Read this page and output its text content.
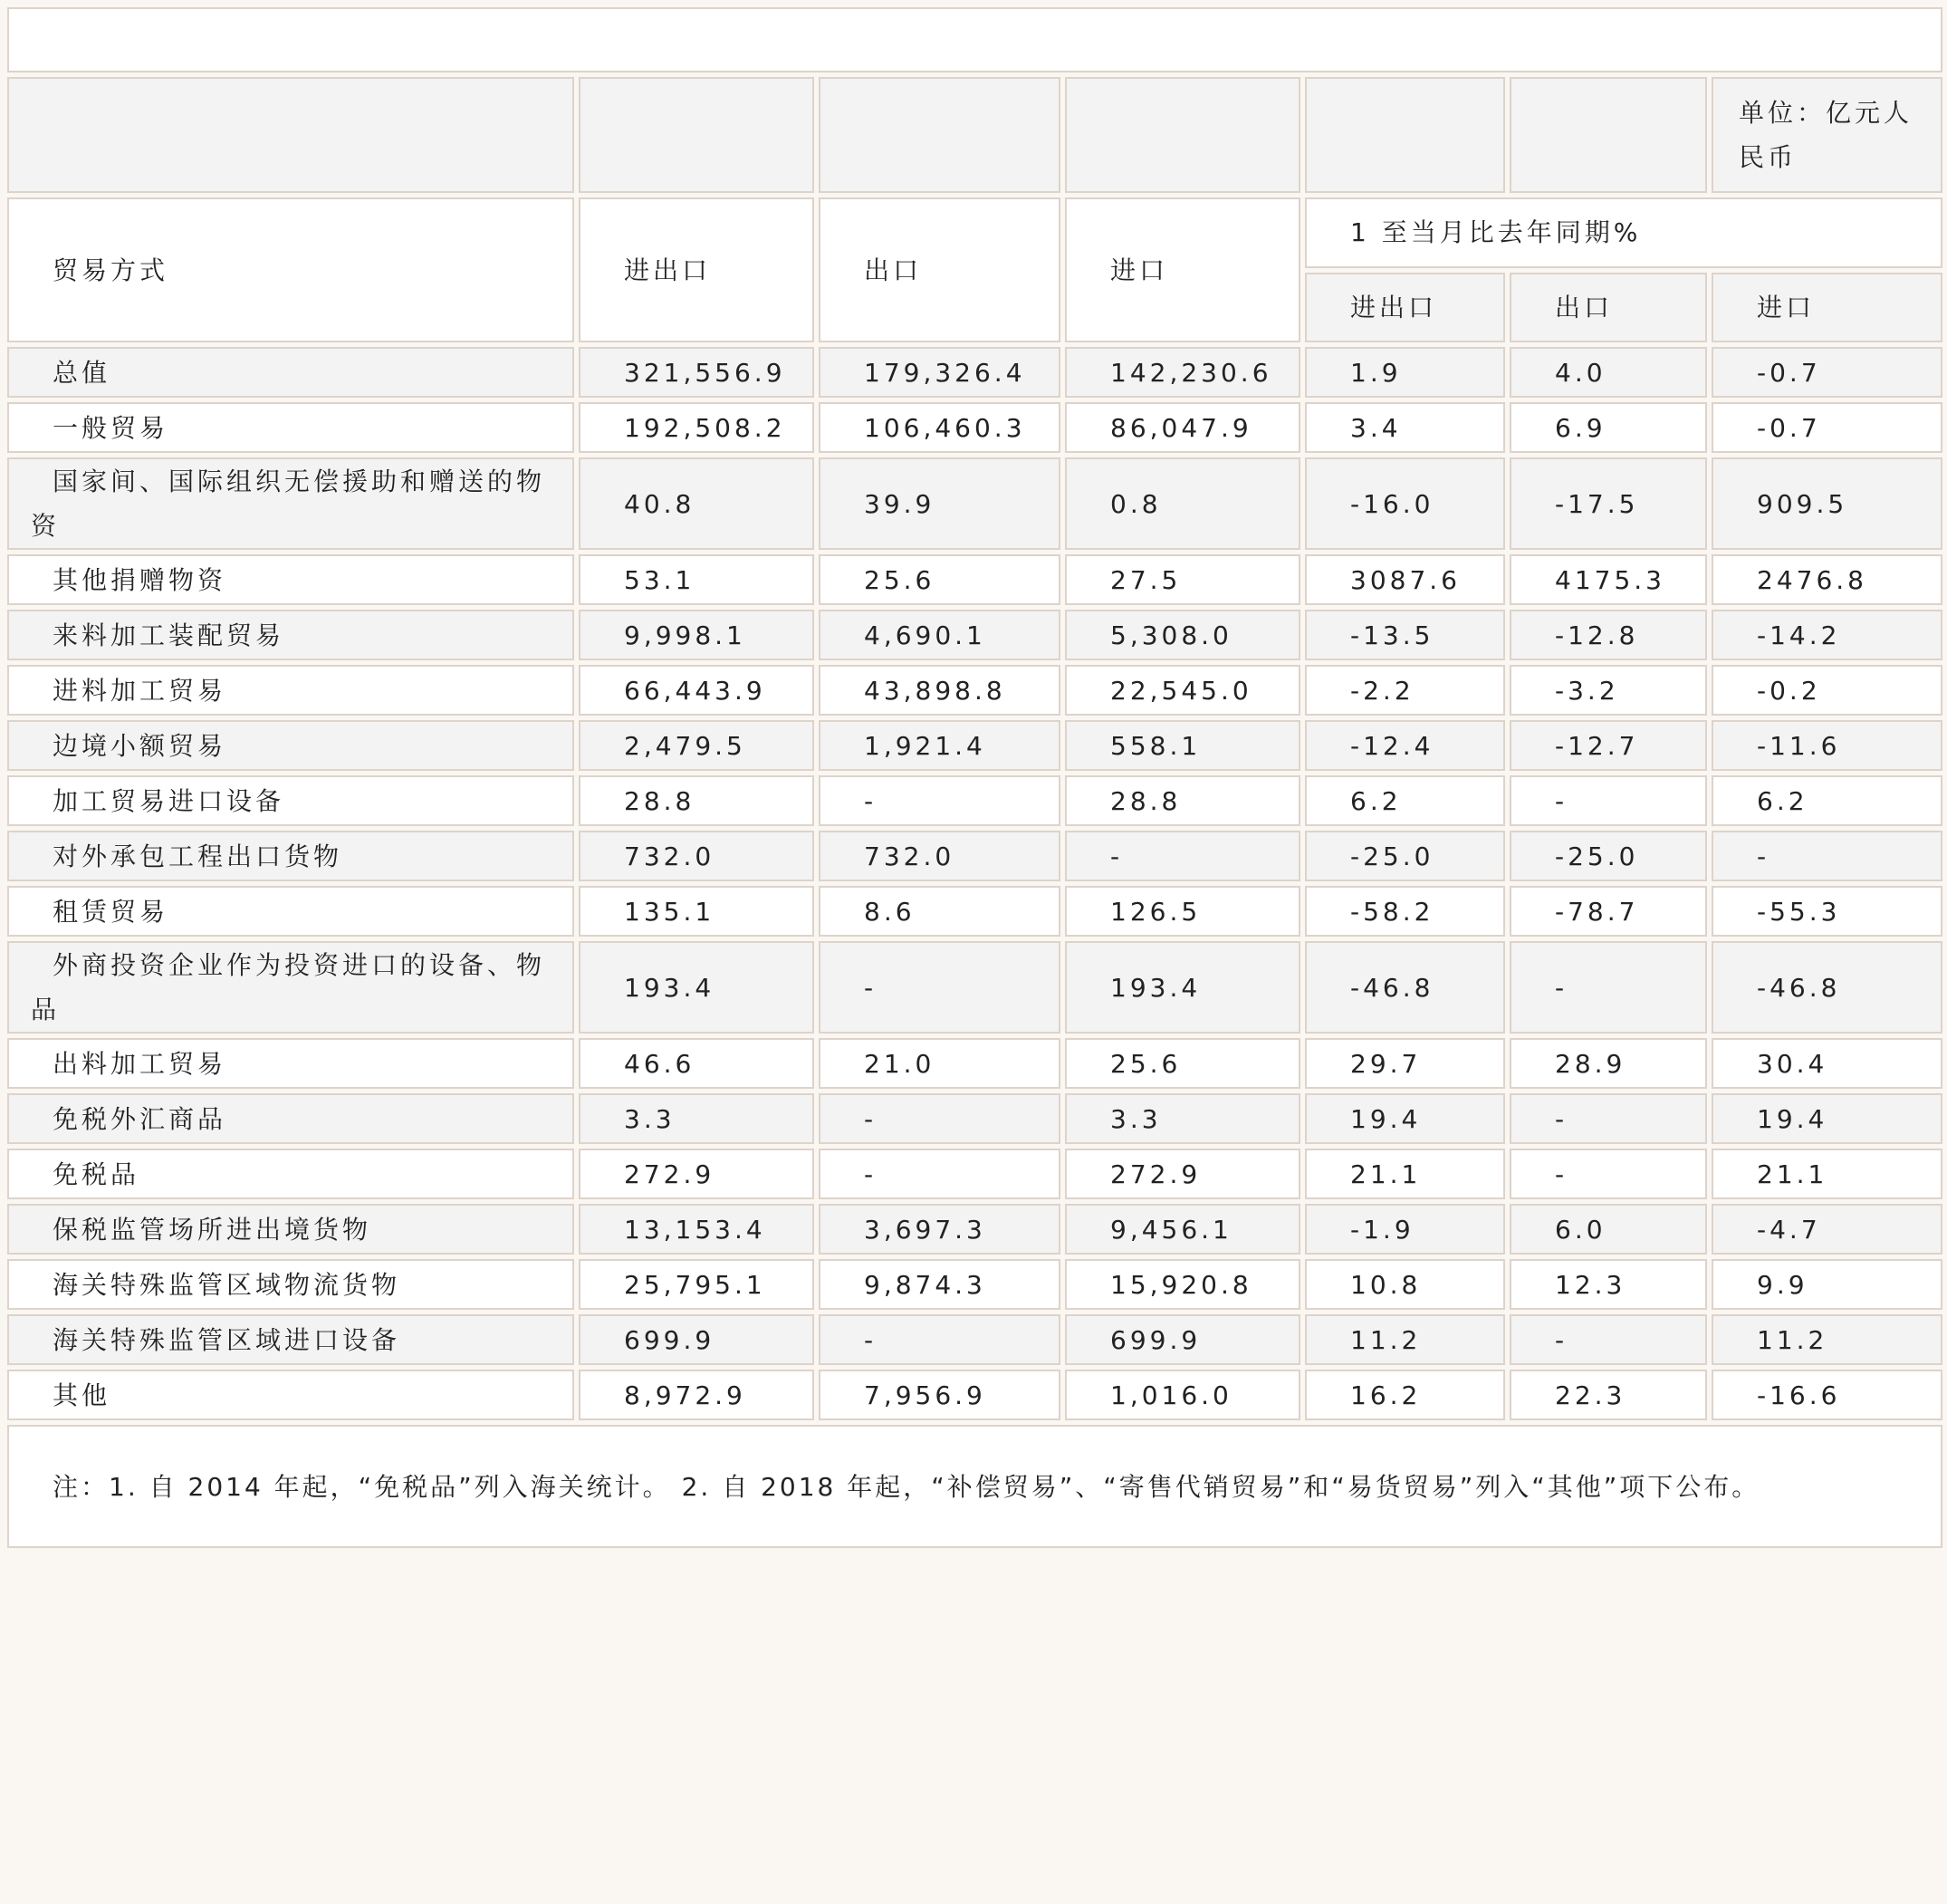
						单位：亿元人民币
贸易方式	进出口	出口	进口	1 至当月比去年同期%		
				进出口	出口	进口
总值	321,556.9	179,326.4	142,230.6	1.9	4.0	-0.7
一般贸易	192,508.2	106,460.3	86,047.9	3.4	6.9	-0.7
国家间、国际组织无偿援助和赠送的物资	40.8	39.9	0.8	-16.0	-17.5	909.5
其他捐赠物资	53.1	25.6	27.5	3087.6	4175.3	2476.8
来料加工装配贸易	9,998.1	4,690.1	5,308.0	-13.5	-12.8	-14.2
进料加工贸易	66,443.9	43,898.8	22,545.0	-2.2	-3.2	-0.2
边境小额贸易	2,479.5	1,921.4	558.1	-12.4	-12.7	-11.6
加工贸易进口设备	28.8	-	28.8	6.2	-	6.2
对外承包工程出口货物	732.0	732.0	-	-25.0	-25.0	-
租赁贸易	135.1	8.6	126.5	-58.2	-78.7	-55.3
外商投资企业作为投资进口的设备、物品	193.4	-	193.4	-46.8	-	-46.8
出料加工贸易	46.6	21.0	25.6	29.7	28.9	30.4
免税外汇商品	3.3	-	3.3	19.4	-	19.4
免税品	272.9	-	272.9	21.1	-	21.1
保税监管场所进出境货物	13,153.4	3,697.3	9,456.1	-1.9	6.0	-4.7
海关特殊监管区域物流货物	25,795.1	9,874.3	15,920.8	10.8	12.3	9.9
海关特殊监管区域进口设备	699.9	-	699.9	11.2	-	11.2
其他	8,972.9	7,956.9	1,016.0	16.2	22.3	-16.6
注：1. 自 2014 年起，“免税品”列入海关统计。 2. 自 2018 年起，“补偿贸易”、“寄售代销贸易”和“易货贸易”列入“其他”项下公布。						
